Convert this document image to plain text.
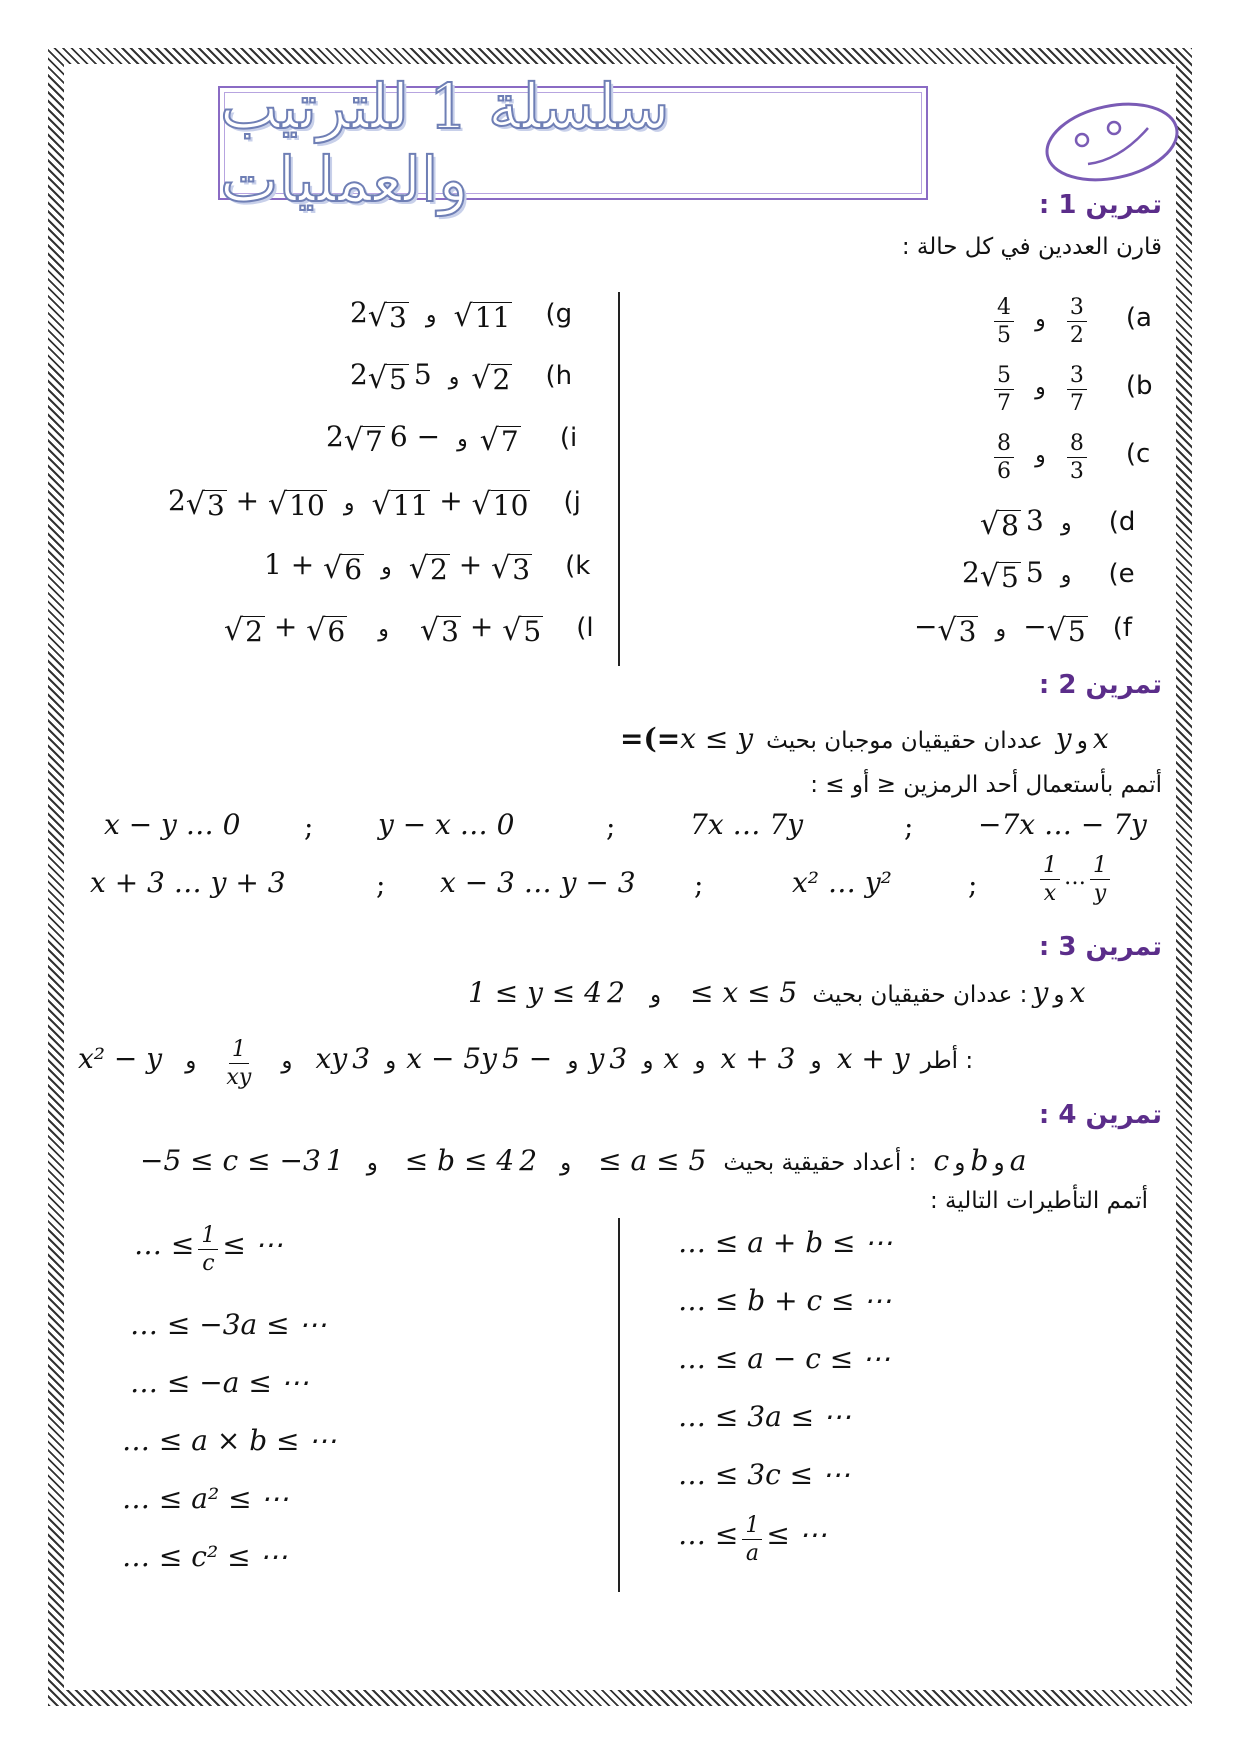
سلسلة 1 للترتيب والعمليات	تمرين 1 :
قارن العددين في كل حالة :
$\frac{4}{5}$ و $\frac{3}{2} (a$
$\frac{5}{7}$ و $\frac{3}{7} (b$
$\frac{8}{6}$ و $\frac{8}{3} (c$
√ 8 و 3 (d
2 √ 5 و 5 (e
− √ 3 و − √ 5 (f
2 √ 3 و √ 11 (g
2 √ 5 و 5 √ 2 (h
2 √ 7	و − 6 √ 7 (i
2 √ 3 + √ 10 و √ 11 + √ 10 (j
1 + √ 6 و √ 2 + √ 3 (k
√ 2 + √ 6 و √ 3 + √ 5 (l
تمرين 2 :
=(=x ≤ y عددان حقيقيان موجبان بحيث y و x
أتمم بأستعمال أحد الرمزين ≤ أو ≥ :
x − y … 0 ; y − x … 0	;	7x … 7y	; −7x … − 7y
x + 3 … y + 3	; x − 3 … y − 3 ;	x² … y²	;	$\frac{1}{x}$ … $\frac{1}{y}$
تمرين 3 :
1 ≤ y ≤ 4 و 2 ≤ x ≤ 5 عددان حقيقيان بحيث : y و x
x² − y	و
$\frac{1}{xy}$
و	xy و 3x − 5y	و − 5y و 3x و x + 3 و x + y أطر :
تمرين 4 :
−5 ≤ c ≤ −3 و 1 ≤ b ≤ 4 و 2 ≤ a ≤ 5 أعداد حقيقية بحيث : c و b و a
أتمم التأطيرات التالية :
… ≤ a + b ≤ ⋯
… ≤ b + c ≤ ⋯
… ≤ a − c ≤ ⋯
… ≤ 3a ≤ ⋯
… ≤ 3c ≤ ⋯
… ≤ $\frac{1}{a}$ ≤ ⋯
… ≤ $\frac{1}{c}$ ≤ ⋯
… ≤ −3a ≤ ⋯
… ≤ −a ≤ ⋯
… ≤ a × b ≤ ⋯
… ≤ a² ≤ ⋯
… ≤ c² ≤ ⋯
